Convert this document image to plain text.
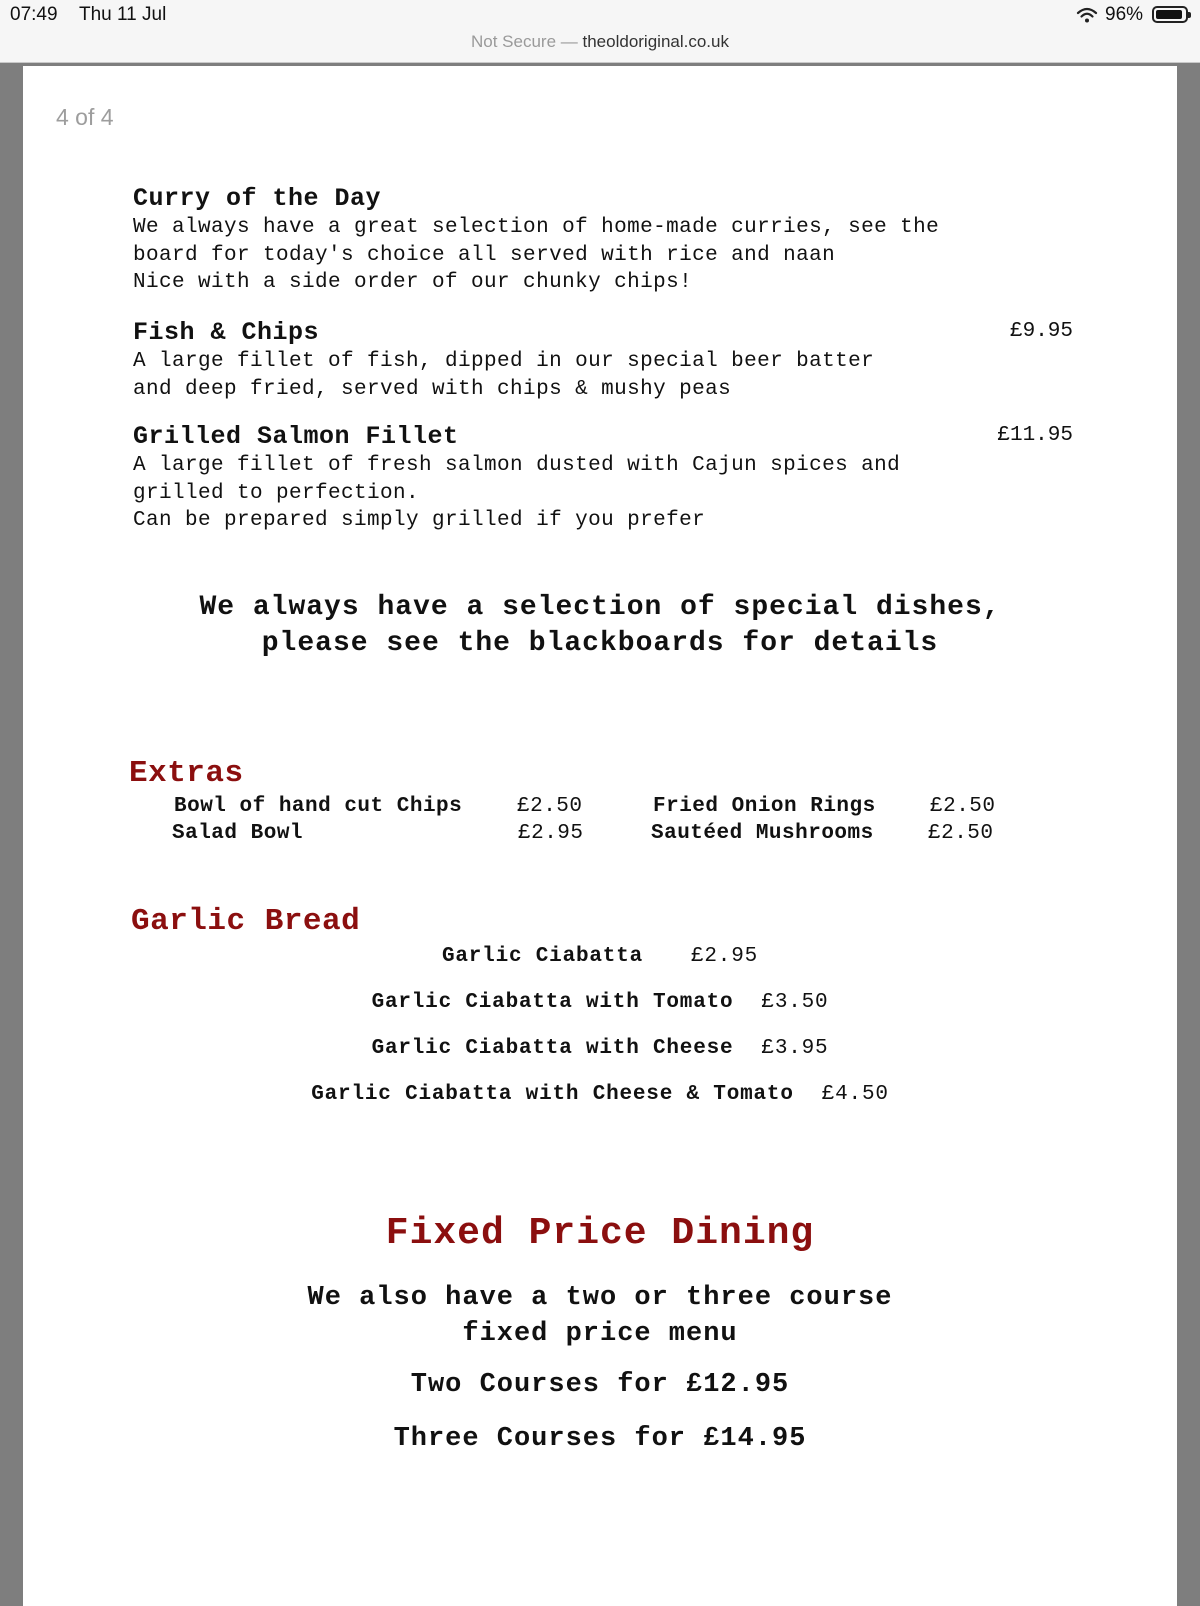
07:49 Thu 11 Jul	96%
Not Secure — theoldoriginal.co.uk
4 of 4
Curry of the Day
We always have a great selection of home-made curries, see the
board for today's choice all served with rice and naan
Nice with a side order of our chunky chips!
Fish & Chips	£9.95
A large fillet of fish, dipped in our special beer batter
and deep fried, served with chips & mushy peas
Grilled Salmon Fillet	£11.95
A large fillet of fresh salmon dusted with Cajun spices and
grilled to perfection.
Can be prepared simply grilled if you prefer
We always have a selection of special dishes,
please see the blackboards for details
Extras
Bowl of hand cut Chips	£2.50	Fried Onion Rings	£2.50
Salad Bowl	£2.95	Sautéed Mushrooms	£2.50
Garlic Bread
Garlic Ciabatta £2.95
Garlic Ciabatta with Tomato £3.50
Garlic Ciabatta with Cheese £3.95
Garlic Ciabatta with Cheese & Tomato £4.50
Fixed Price Dining
We also have a two or three course
fixed price menu
Two Courses for £12.95
Three Courses for £14.95
